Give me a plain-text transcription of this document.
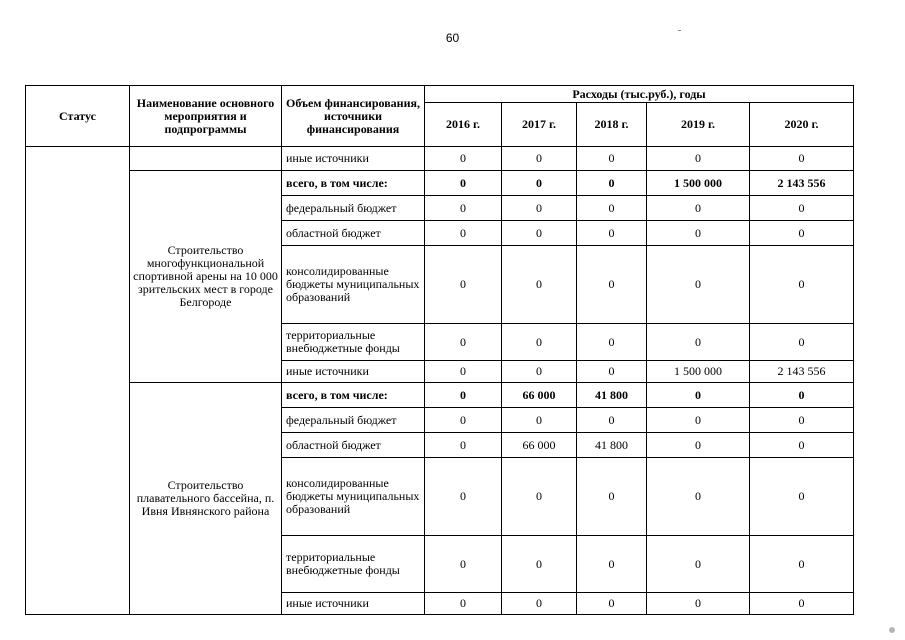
60
Статус	Наименование основного мероприятия и подпрограммы	Объем финансирования, источники финансирования	Расходы (тыс.руб.), годы				
			2016 г.	2017 г.	2018 г.	2019 г.	2020 г.
		иные источники	0	0	0	0	0
	Строительство многофункциональной спортивной арены на 10 000 зрительских мест в городе Белгороде	всего, в том числе:	0	0	0	1 500 000	2 143 556
		федеральный бюджет	0	0	0	0	0
		областной бюджет	0	0	0	0	0
		консолидированные бюджеты муниципальных образований	0	0	0	0	0
		территориальные внебюджетные фонды	0	0	0	0	0
		иные источники	0	0	0	1 500 000	2 143 556
	Строительство плавательного бассейна, п. Ивня Ивнянского района	всего, в том числе:	0	66 000	41 800	0	0
		федеральный бюджет	0	0	0	0	0
		областной бюджет	0	66 000	41 800	0	0
		консолидированные бюджеты муниципальных образований	0	0	0	0	0
		территориальные внебюджетные фонды	0	0	0	0	0
		иные источники	0	0	0	0	0
